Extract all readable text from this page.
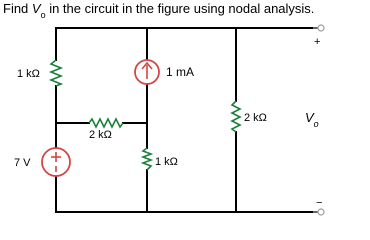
Find $V_o$ in the circuit in the figure using nodal analysis.
1 kΩ
2 kΩ
1 mA
2 kΩ
1 kΩ
7 V
+
$V_o$
−
